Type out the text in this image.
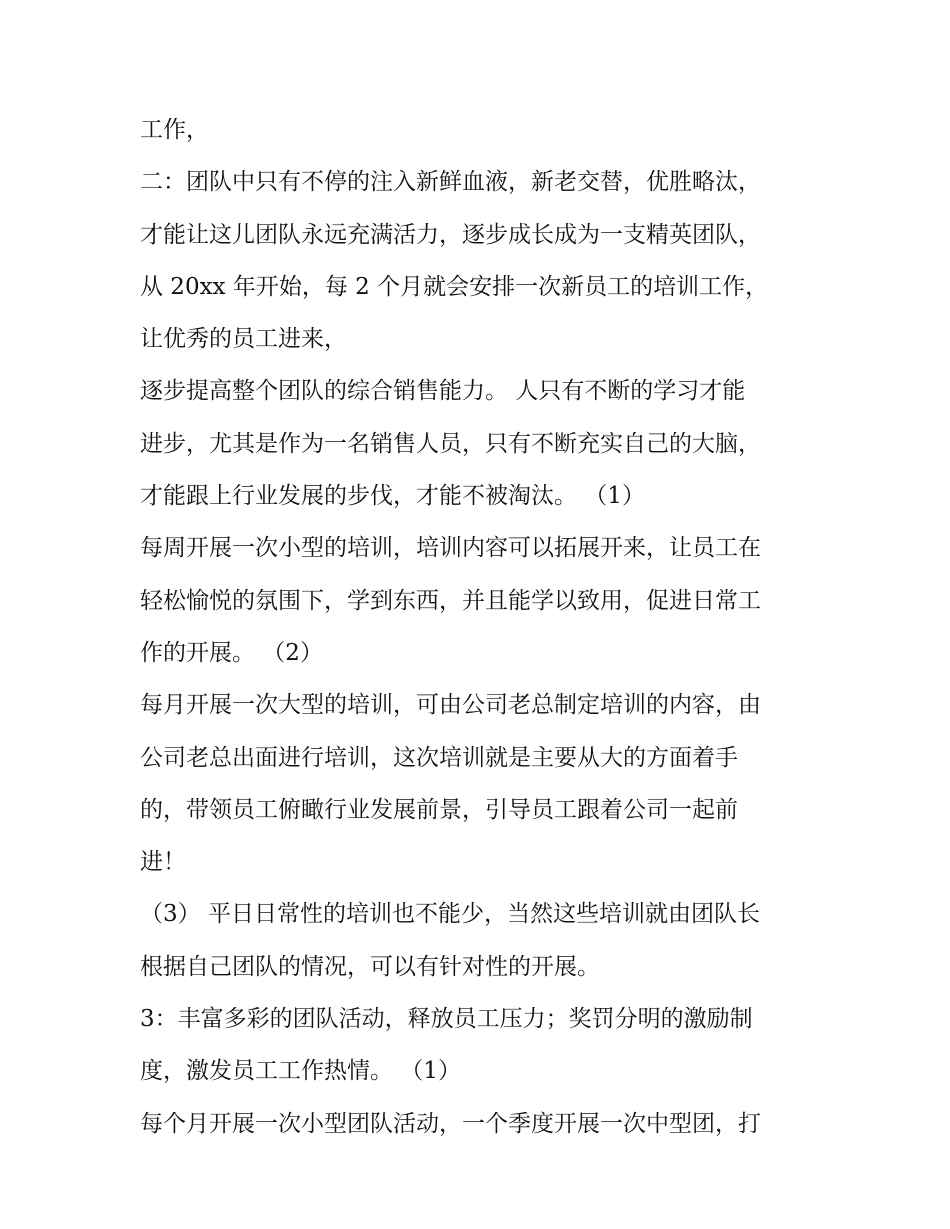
工作，
二：团队中只有不停的注入新鲜血液，新老交替，优胜略汰，
才能让这儿团队永远充满活力，逐步成长成为一支精英团队，
从 20xx 年开始，每 2 个月就会安排一次新员工的培训工作，
让优秀的员工进来，
逐步提高整个团队的综合销售能力。 人只有不断的学习才能
进步，尤其是作为一名销售人员，只有不断充实自己的大脑，
才能跟上行业发展的步伐，才能不被淘汰。 （1）
每周开展一次小型的培训，培训内容可以拓展开来，让员工在
轻松愉悦的氛围下，学到东西，并且能学以致用，促进日常工
作的开展。 （2）
每月开展一次大型的培训，可由公司老总制定培训的内容，由
公司老总出面进行培训，这次培训就是主要从大的方面着手
的，带领员工俯瞰行业发展前景，引导员工跟着公司一起前
进！
（3） 平日日常性的培训也不能少，当然这些培训就由团队长
根据自己团队的情况，可以有针对性的开展。
3：丰富多彩的团队活动，释放员工压力；奖罚分明的激励制
度，激发员工工作热情。 （1）
每个月开展一次小型团队活动，一个季度开展一次中型团，打
